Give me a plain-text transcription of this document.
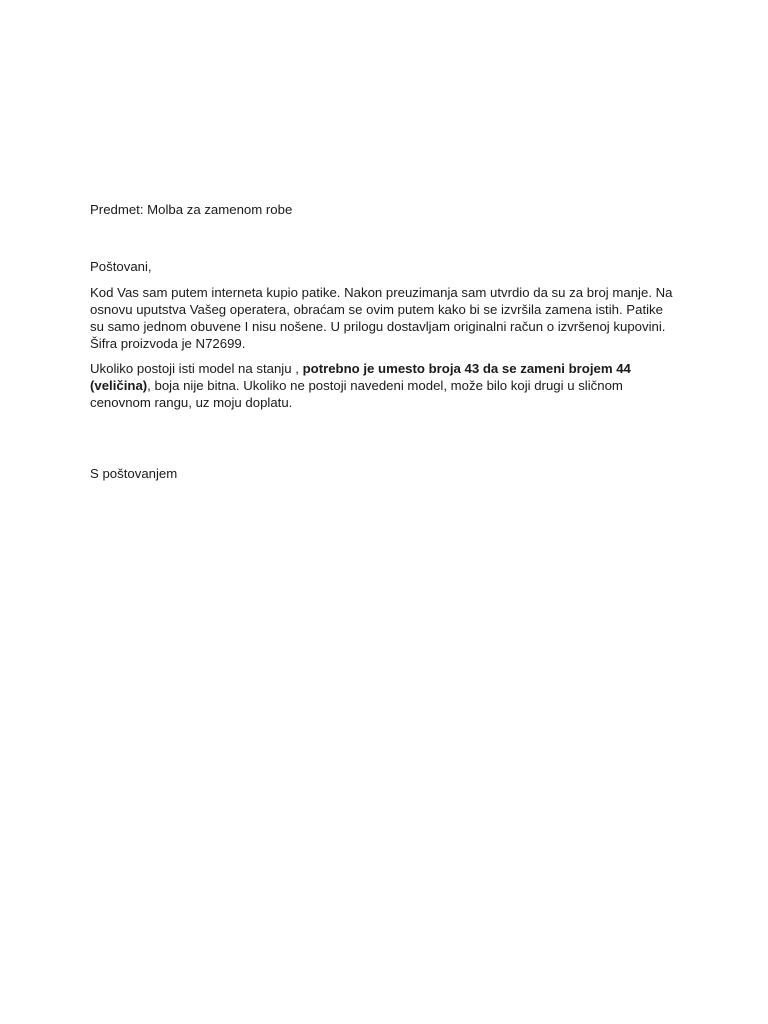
Predmet: Molba za zamenom robe

Poštovani,

Kod Vas sam putem interneta kupio patike. Nakon preuzimanja sam utvrdio da su za broj manje. Na osnovu uputstva Vašeg operatera, obraćam se ovim putem kako bi se izvršila zamena istih. Patike su samo jednom obuvene I nisu nošene. U prilogu dostavljam originalni račun o izvršenoj kupovini. Šifra proizvoda je N72699.

Ukoliko postoji isti model na stanju , potrebno je umesto broja 43 da se zameni brojem 44 (veličina), boja nije bitna. Ukoliko ne postoji navedeni model, može bilo koji drugi u sličnom cenovnom rangu, uz moju doplatu.

S poštovanjem
